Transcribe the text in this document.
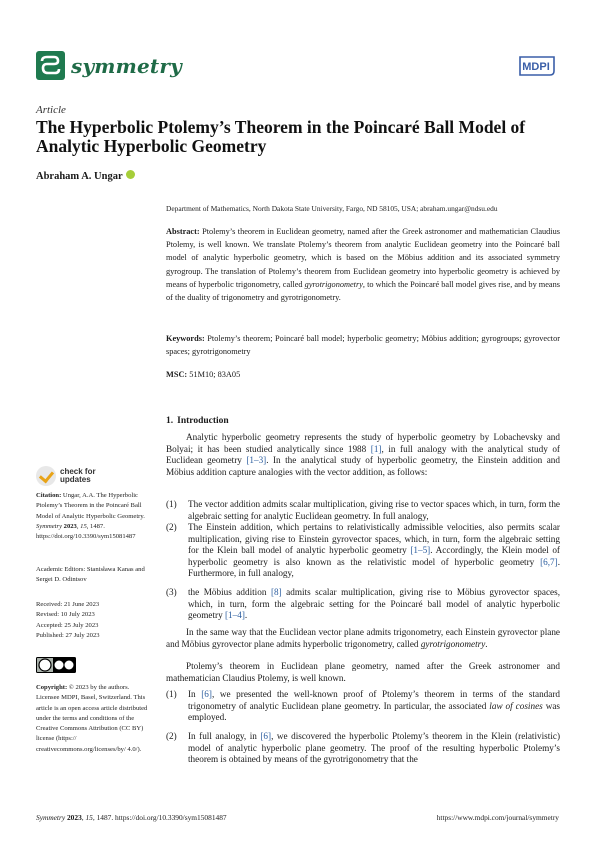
symmetry	MDPI
Article
The Hyperbolic Ptolemy’s Theorem in the Poincaré Ball Model of Analytic Hyperbolic Geometry
Abraham A. Ungar
Department of Mathematics, North Dakota State University, Fargo, ND 58105, USA; abraham.ungar@ndsu.edu
Abstract: Ptolemy’s theorem in Euclidean geometry, named after the Greek astronomer and mathematician Claudius Ptolemy, is well known. We translate Ptolemy’s theorem from analytic Euclidean geometry into the Poincaré ball model of analytic hyperbolic geometry, which is based on the Möbius addition and its associated symmetry gyrogroup. The translation of Ptolemy’s theorem from Euclidean geometry into hyperbolic geometry is achieved by means of hyperbolic trigonometry, called gyrotrigonometry, to which the Poincaré ball model gives rise, and by means of the duality of trigonometry and gyrotrigonometry.
Keywords: Ptolemy’s theorem; Poincaré ball model; hyperbolic geometry; Möbius addition; gyrogroups; gyrovector spaces; gyrotrigonometry
MSC: 51M10; 83A05
1. Introduction
Analytic hyperbolic geometry represents the study of hyperbolic geometry by Lobachevsky and Bolyai; it has been studied analytically since 1988 [1], in full analogy with the analytical study of Euclidean geometry [1–3]. In the analytical study of hyperbolic geometry, the Einstein addition and Möbius addition capture analogies with the vector addition, as follows:
(1) The vector addition admits scalar multiplication, giving rise to vector spaces which, in turn, form the algebraic setting for analytic Euclidean geometry. In full analogy,
(2) The Einstein addition, which pertains to relativistically admissible velocities, also permits scalar multiplication, giving rise to Einstein gyrovector spaces, which, in turn, form the algebraic setting for the Klein ball model of analytic hyperbolic geometry [1–5]. Accordingly, the Klein model of hyperbolic geometry is also known as the relativistic model of hyperbolic geometry [6,7]. Furthermore, in full analogy,
(3) the Möbius addition [8] admits scalar multiplication, giving rise to Möbius gyrovector spaces, which, in turn, form the algebraic setting for the Poincaré ball model of analytic hyperbolic geometry [1–4].
In the same way that the Euclidean vector plane admits trigonometry, each Einstein gyrovector plane and Möbius gyrovector plane admits hyperbolic trigonometry, called gyrotrigonometry.
Ptolemy’s theorem in Euclidean plane geometry, named after the Greek astronomer and mathematician Claudius Ptolemy, is well known.
(1) In [6], we presented the well-known proof of Ptolemy’s theorem in terms of the standard trigonometry of analytic Euclidean plane geometry. In particular, the associated law of cosines was employed.
(2) In full analogy, in [6], we discovered the hyperbolic Ptolemy’s theorem in the Klein (relativistic) model of analytic hyperbolic plane geometry. The proof of the resulting hyperbolic Ptolemy’s theorem is obtained by means of the gyrotrigonometry that the
check for
updates
Citation: Ungar, A.A. The Hyperbolic Ptolemy’s Theorem in the Poincaré Ball Model of Analytic Hyperbolic Geometry. Symmetry 2023, 15, 1487. https://doi.org/10.3390/sym15081487
Academic Editors: Stanisława Kanas and Sergei D. Odintsov
Received: 21 June 2023
Revised: 10 July 2023
Accepted: 25 July 2023
Published: 27 July 2023
Copyright: © 2023 by the authors. Licensee MDPI, Basel, Switzerland. This article is an open access article distributed under the terms and conditions of the Creative Commons Attribution (CC BY) license (https:// creativecommons.org/licenses/by/ 4.0/).
Symmetry 2023, 15, 1487. https://doi.org/10.3390/sym15081487	https://www.mdpi.com/journal/symmetry
